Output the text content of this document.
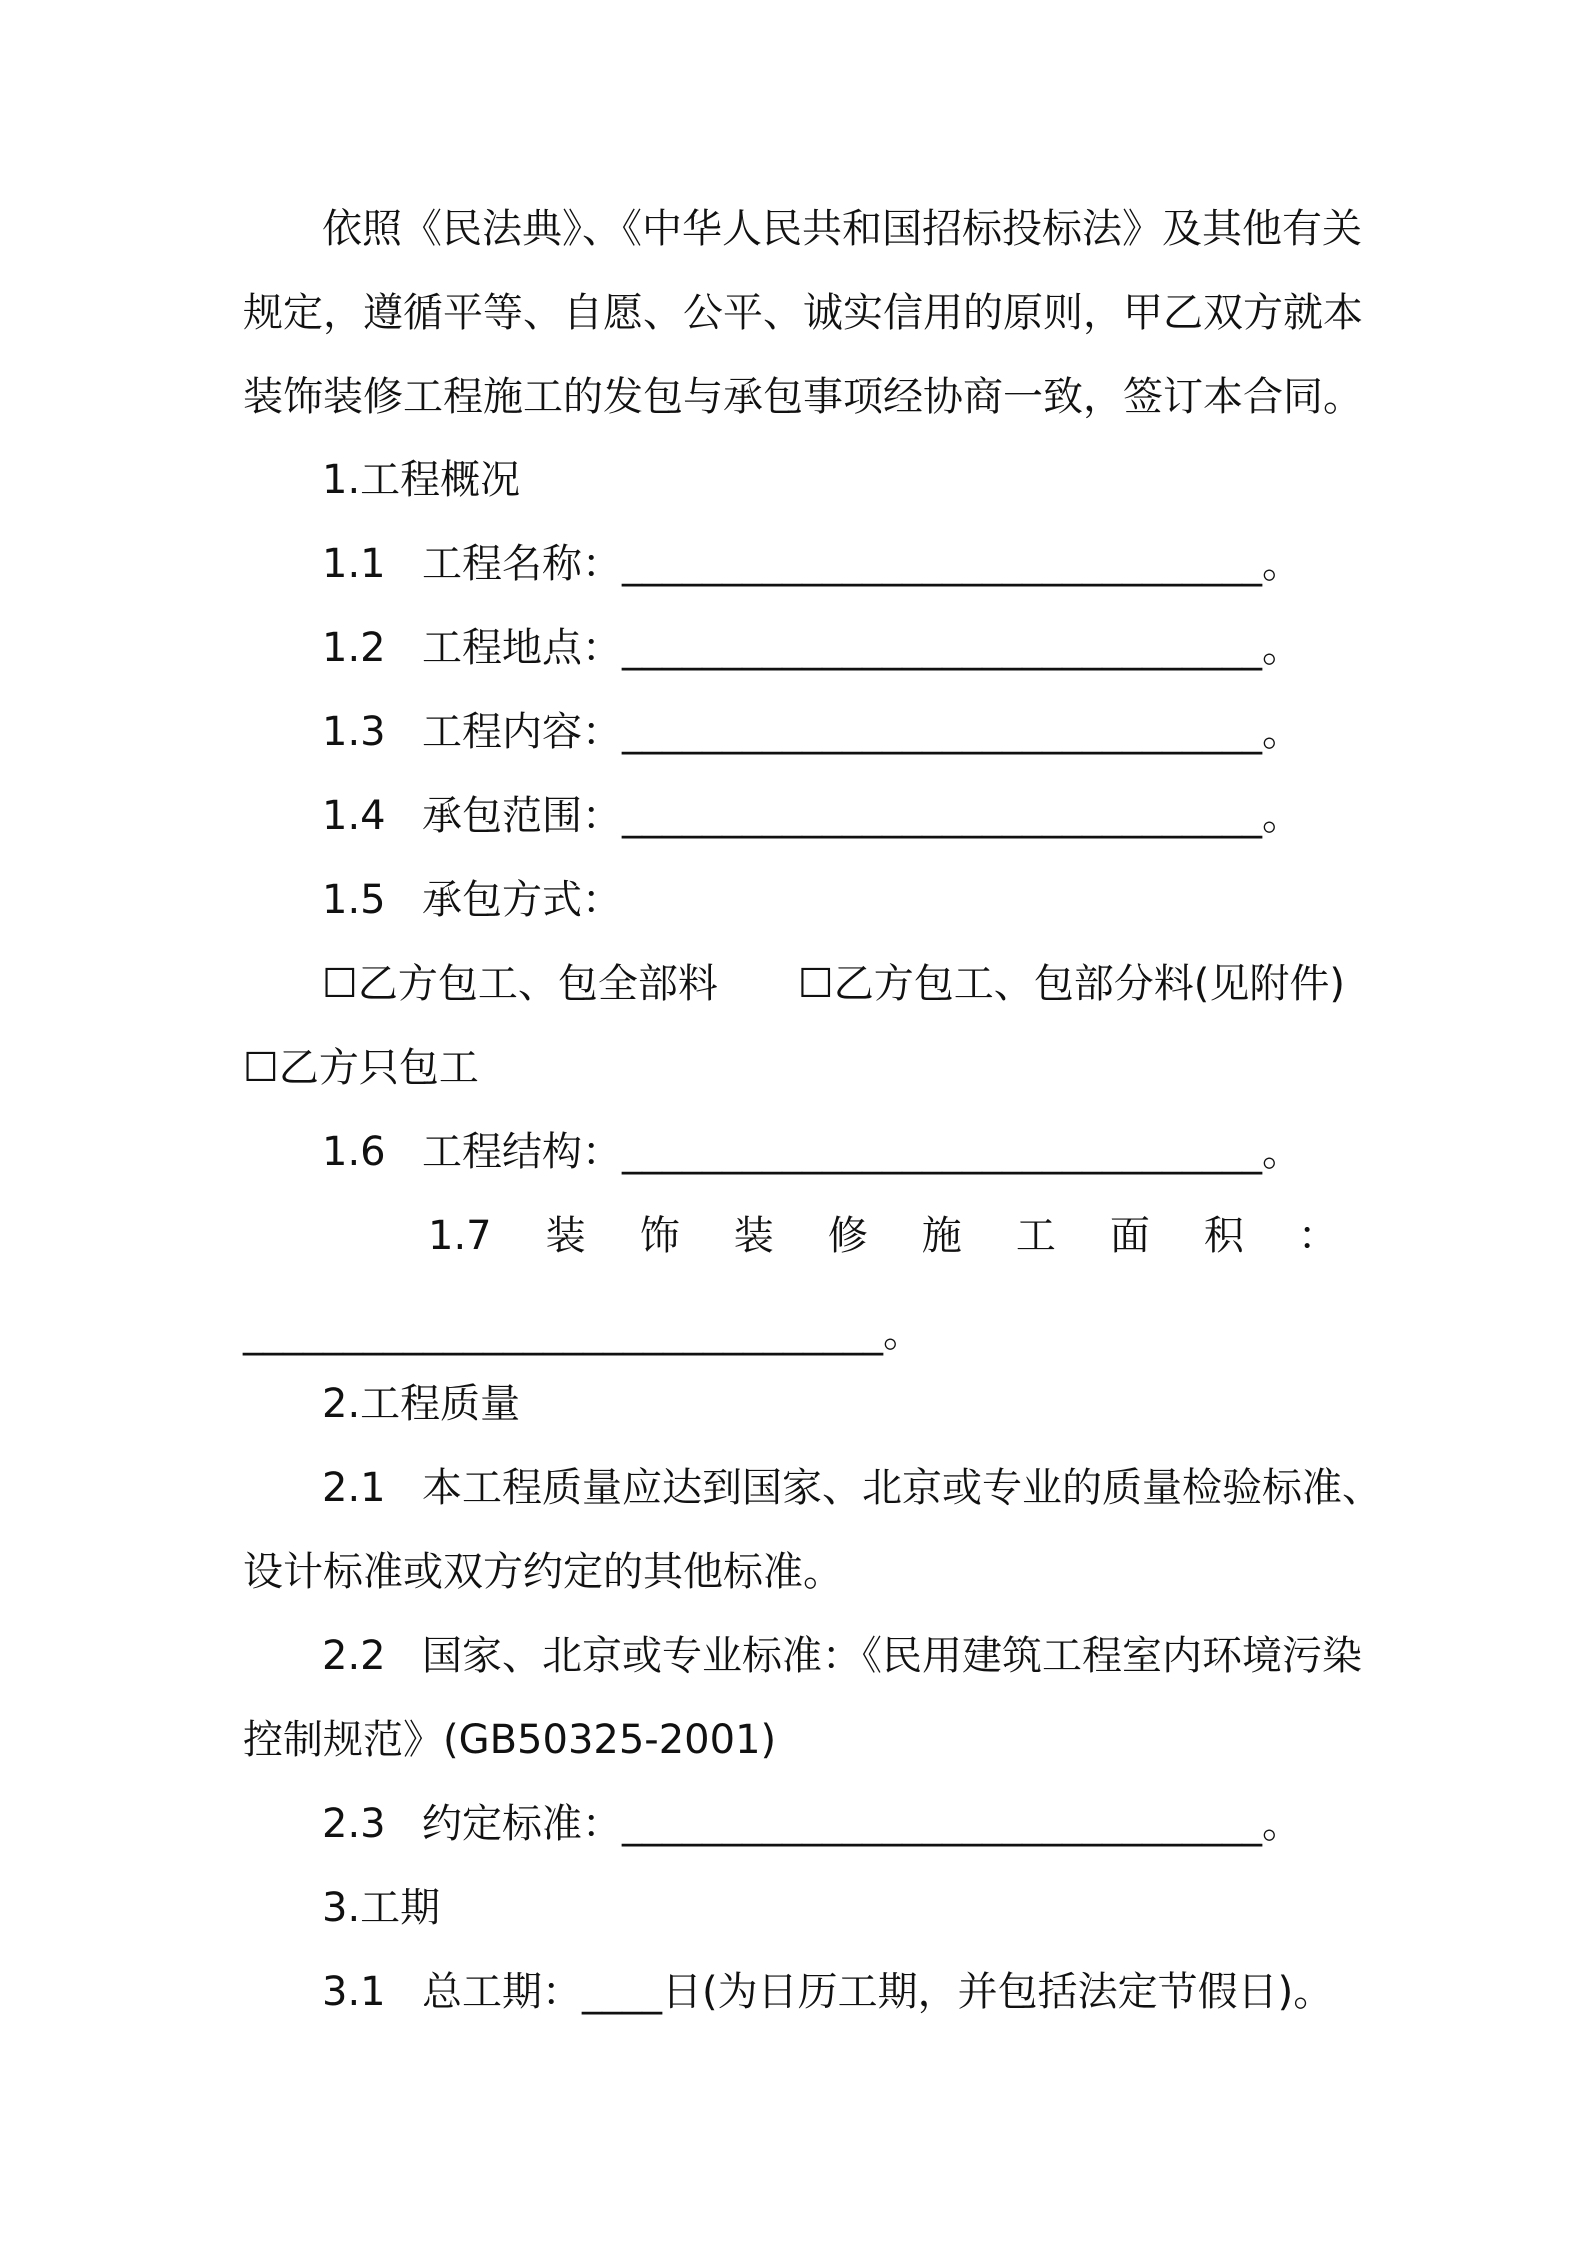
依照《民法典》、《中华人民共和国招标投标法》及其他有关
规定，遵循平等、自愿、公平、诚实信用的原则，甲乙双方就本
装饰装修工程施工的发包与承包事项经协商一致，签订本合同。
1.工程概况
1.1 工程名称：________________________________。
1.2 工程地点：________________________________。
1.3 工程内容：________________________________。
1.4 承包范围：________________________________。
1.5 承包方式：
☐乙方包工、包全部料 ☐乙方包工、包部分料(见附件)
☐乙方只包工
1.6 工程结构：________________________________。
1.7 装 饰 装 修 施 工 面 积 ：
________________________________。
2.工程质量
2.1 本工程质量应达到国家、北京或专业的质量检验标准、
设计标准或双方约定的其他标准。
2.2 国家、北京或专业标准：《民用建筑工程室内环境污染
控制规范》(GB50325-2001)
2.3 约定标准：________________________________。
3.工期
3.1 总工期：____日(为日历工期，并包括法定节假日)。
